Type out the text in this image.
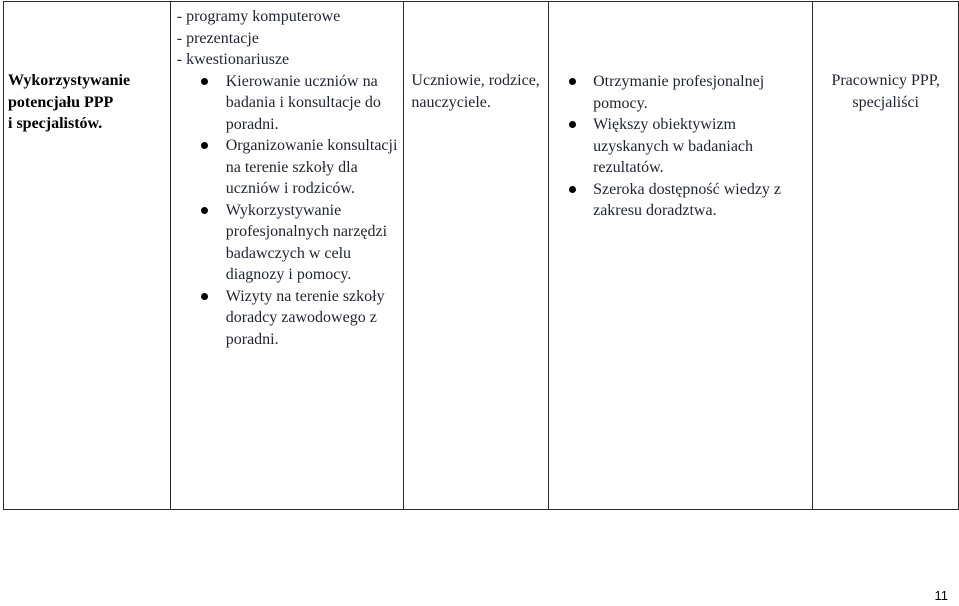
Wykorzystywanie
potencjału PPP
i specjalistów.

- programy komputerowe
- prezentacje
- kwestionariusze
Kierowanie uczniów na badania i konsultacje do poradni.
Organizowanie konsultacji na terenie szkoły dla uczniów i rodziców.
Wykorzystywanie profesjonalnych narzędzi badawczych w celu diagnozy i pomocy.
Wizyty na terenie szkoły doradcy zawodowego z poradni.

Uczniowie, rodzice, nauczyciele.

Otrzymanie profesjonalnej pomocy.
Większy obiektywizm uzyskanych w badaniach rezultatów.
Szeroka dostępność wiedzy z zakresu doradztwa.

Pracownicy PPP, specjaliści
11
